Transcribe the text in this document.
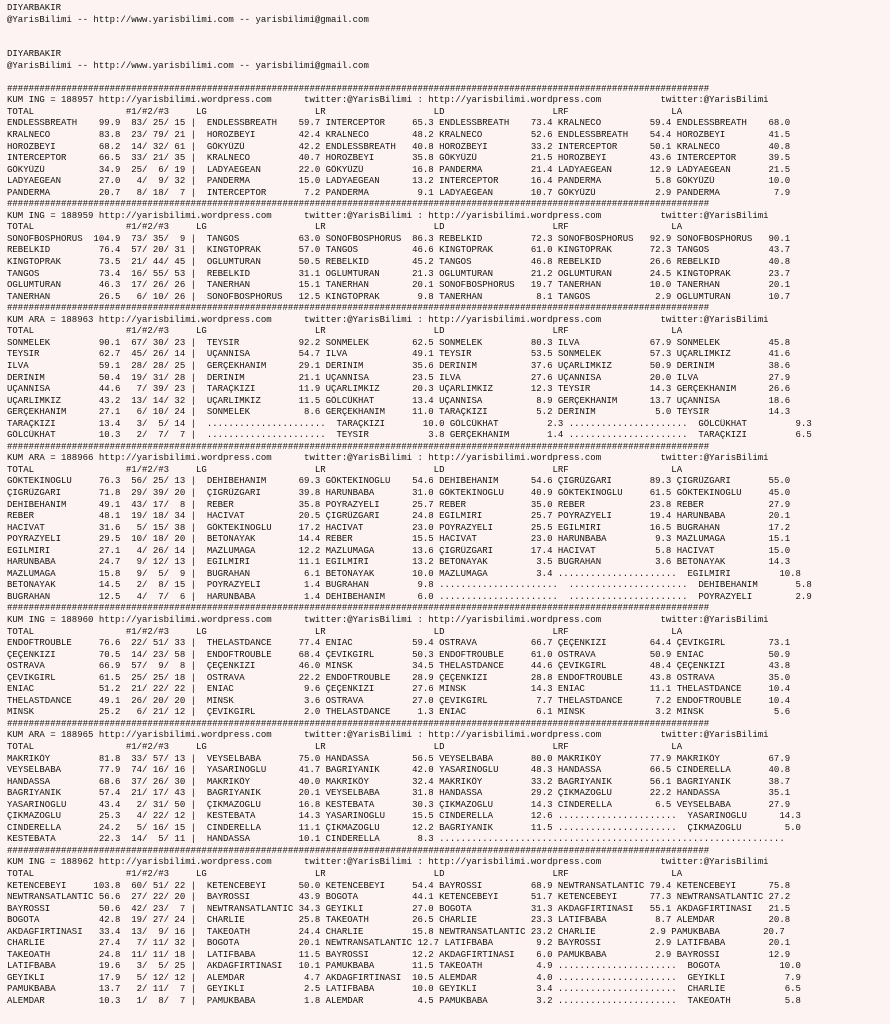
DIYARBAKIR
@YarisBilimi -- http://www.yarisbilimi.com -- yarisbilimi@gmail.com
DIYARBAKIR
@YarisBilimi -- http://www.yarisbilimi.com -- yarisbilimi@gmail.com
##################################################################################################################################
KUM ING = 188957 http://yarisbilimi.wordpress.com      twitter:@YarisBilimi : http://yarisbilimi.wordpress.com           twitter:@YarisBilimi
TOTAL                 #1/#2/#3     LG                    LR                    LD                    LRF                   LA
ENDLESSBREATH    99.9  83/ 25/ 15 |  ENDLESSBREATH    59.7 INTERCEPTOR     65.3 ENDLESSBREATH    73.4 KRALNECO         59.4 ENDLESSBREATH    68.0
KRALNECO         83.8  23/ 79/ 21 |  HOROZBEYI        42.4 KRALNECO        48.2 KRALNECO         52.6 ENDLESSBREATH    54.4 HOROZBEYI        41.5
HOROZBEYI        68.2  14/ 32/ 61 |  GÖKYÜZÜ          42.2 ENDLESSBREATH   40.8 HOROZBEYI        33.2 INTERCEPTOR      50.1 KRALNECO         40.8
INTERCEPTOR      66.5  33/ 21/ 35 |  KRALNECO         40.7 HOROZBEYI       35.8 GÖKYÜZÜ          21.5 HOROZBEYI        43.6 INTERCEPTOR      39.5
GÖKYÜZÜ          34.9  25/  6/ 19 |  LADYAEGEAN       22.0 GÖKYÜZÜ         16.8 PANDERMA         21.4 LADYAEGEAN       12.9 LADYAEGEAN       21.5
LADYAEGEAN       27.0   4/  9/ 32 |  PANDERMA         15.0 LADYAEGEAN      13.2 INTERCEPTOR      16.4 PANDERMA          5.8 GÖKYÜZÜ          10.0
PANDERMA         20.7   8/ 18/  7 |  INTERCEPTOR       7.2 PANDERMA         9.1 LADYAEGEAN       10.7 GÖKYÜZÜ           2.9 PANDERMA          7.9
##################################################################################################################################
KUM ING = 188959 http://yarisbilimi.wordpress.com      twitter:@YarisBilimi : http://yarisbilimi.wordpress.com           twitter:@YarisBilimi
TOTAL                 #1/#2/#3     LG                    LR                    LD                    LRF                   LA
SONOFBOSPHORUS  104.9  73/ 35/  9 |  TANGOS           63.0 SONOFBOSPHORUS  86.3 REBELKID         72.3 SONOFBOSPHORUS   92.9 SONOFBOSPHORUS   90.1
REBELKID         76.4  57/ 20/ 31 |  KINGTOPRAK       57.0 TANGOS          46.6 KINGTOPRAK       61.0 KINGTOPRAK       72.3 TANGOS           43.7
KINGTOPRAK       73.5  21/ 44/ 45 |  OGLUMTURAN       50.5 REBELKID        45.2 TANGOS           46.8 REBELKID         26.6 REBELKID         40.8
TANGOS           73.4  16/ 55/ 53 |  REBELKID         31.1 OGLUMTURAN      21.3 OGLUMTURAN       21.2 OGLUMTURAN       24.5 KINGTOPRAK       23.7
OGLUMTURAN       46.3  17/ 26/ 26 |  TANERHAN         15.1 TANERHAN        20.1 SONOFBOSPHORUS   19.7 TANERHAN         10.0 TANERHAN         20.1
TANERHAN         26.5   6/ 10/ 26 |  SONOFBOSPHORUS   12.5 KINGTOPRAK       9.8 TANERHAN          8.1 TANGOS            2.9 OGLUMTURAN       10.7
##################################################################################################################################
KUM ARA = 188963 http://yarisbilimi.wordpress.com      twitter:@YarisBilimi : http://yarisbilimi.wordpress.com           twitter:@YarisBilimi
TOTAL                 #1/#2/#3     LG                    LR                    LD                    LRF                   LA
SONMELEK         90.1  67/ 30/ 23 |  TEYSIR           92.2 SONMELEK        62.5 SONMELEK         80.3 ILVA             67.9 SONMELEK         45.8
TEYSIR           62.7  45/ 26/ 14 |  UÇANNISA         54.7 ILVA            49.1 TEYSIR           53.5 SONMELEK         57.3 UÇARLIMKIZ       41.6
ILVA             59.1  28/ 28/ 25 |  GERÇEKHANIM      29.1 DERINIM         35.6 DERINIM          37.6 UÇARLIMKIZ       50.9 DERINIM          38.6
DERINIM          50.4  19/ 31/ 28 |  DERINIM          21.1 UÇANNISA        23.5 ILVA             27.6 UÇANNISA         20.0 ILVA             27.9
UÇANNISA         44.6   7/ 39/ 23 |  TARAÇKIZI        11.9 UÇARLIMKIZ      20.3 UÇARLIMKIZ       12.3 TEYSIR           14.3 GERÇEKHANIM      26.6
UÇARLIMKIZ       43.2  13/ 14/ 32 |  UÇARLIMKIZ       11.5 GÖLCÜKHAT       13.4 UÇANNISA          8.9 GERÇEKHANIM      13.7 UÇANNISA         18.6
GERÇEKHANIM      27.1   6/ 10/ 24 |  SONMELEK          8.6 GERÇEKHANIM     11.0 TARAÇKIZI         5.2 DERINIM           5.0 TEYSIR           14.3
TARAÇKIZI        13.4   3/  5/ 14 |  ......................  TARAÇKIZI       10.0 GÖLCÜKHAT         2.3 ......................  GÖLCÜKHAT         9.3
GÖLCÜKHAT        10.3   2/  7/  7 |  ......................  TEYSIR           3.8 GERÇEKHANIM       1.4 ......................  TARAÇKIZI         6.5
##################################################################################################################################
KUM ARA = 188966 http://yarisbilimi.wordpress.com      twitter:@YarisBilimi : http://yarisbilimi.wordpress.com           twitter:@YarisBilimi
TOTAL                 #1/#2/#3     LG                    LR                    LD                    LRF                   LA
GÖKTEKINOGLU     76.3  56/ 25/ 13 |  DEHIBEHANIM      69.3 GÖKTEKINOGLU    54.6 DEHIBEHANIM      54.6 ÇIGRÜZGARI       89.3 ÇIGRÜZGARI       55.0
ÇIGRÜZGARI       71.8  29/ 39/ 20 |  ÇIGRÜZGARI       39.8 HARUNBABA       31.0 GÖKTEKINOGLU     40.9 GÖKTEKINOGLU     61.5 GÖKTEKINOGLU     45.0
DEHIBEHANIM      49.1  43/ 17/  8 |  REBER            35.8 POYRAZYELI      25.7 REBER            35.0 REBER            23.8 REBER            27.9
REBER            48.1  19/ 18/ 34 |  HACIVAT          20.5 ÇIGRÜZGARI      24.8 EGILMIRI         25.7 POYRAZYELI       19.4 HARUNBABA        20.1
HACIVAT          31.6   5/ 15/ 38 |  GÖKTEKINOGLU     17.2 HACIVAT         23.0 POYRAZYELI       25.5 EGILMIRI         16.5 BUGRAHAN         17.2
POYRAZYELI       29.5  10/ 18/ 20 |  BETONAYAK        14.4 REBER           15.5 HACIVAT          23.0 HARUNBABA         9.3 MAZLUMAGA        15.1
EGILMIRI         27.1   4/ 26/ 14 |  MAZLUMAGA        12.2 MAZLUMAGA       13.6 ÇIGRÜZGARI       17.4 HACIVAT           5.8 HACIVAT          15.0
HARUNBABA        24.7   9/ 12/ 13 |  EGILMIRI         11.1 EGILMIRI        13.2 BETONAYAK         3.5 BUGRAHAN          3.6 BETONAYAK        14.3
MAZLUMAGA        15.8   9/  5/  9 |  BUGRAHAN          6.1 BETONAYAK       10.0 MAZLUMAGA         3.4 ......................  EGILMIRI         10.8
BETONAYAK        14.5   2/  8/ 15 |  POYRAZYELI        1.4 BUGRAHAN         9.8 ......................  ......................  DEHIBEHANIM       5.8
BUGRAHAN         12.5   4/  7/  6 |  HARUNBABA         1.4 DEHIBEHANIM      6.0 ......................  ......................  POYRAZYELI        2.9
##################################################################################################################################
KUM ING = 188960 http://yarisbilimi.wordpress.com      twitter:@YarisBilimi : http://yarisbilimi.wordpress.com           twitter:@YarisBilimi
TOTAL                 #1/#2/#3     LG                    LR                    LD                    LRF                   LA
ENDOFTROUBLE     76.6  22/ 51/ 33 |  THELASTDANCE     77.4 ENIAC           59.4 OSTRAVA          66.7 ÇEÇENKIZI        64.4 ÇEVIKGIRL        73.1
ÇEÇENKIZI        70.5  14/ 23/ 58 |  ENDOFTROUBLE     68.4 ÇEVIKGIRL       50.3 ENDOFTROUBLE     61.0 OSTRAVA          50.9 ENIAC            50.9
OSTRAVA          66.9  57/  9/  8 |  ÇEÇENKIZI        46.0 MINSK           34.5 THELASTDANCE     44.6 ÇEVIKGIRL        48.4 ÇEÇENKIZI        43.8
ÇEVIKGIRL        61.5  25/ 25/ 18 |  OSTRAVA          22.2 ENDOFTROUBLE    28.9 ÇEÇENKIZI        28.8 ENDOFTROUBLE     43.8 OSTRAVA          35.0
ENIAC            51.2  21/ 22/ 22 |  ENIAC             9.6 ÇEÇENKIZI       27.6 MINSK            14.3 ENIAC            11.1 THELASTDANCE     10.4
THELASTDANCE     49.1  26/ 20/ 20 |  MINSK             3.6 OSTRAVA         27.0 ÇEVIKGIRL         7.7 THELASTDANCE      7.2 ENDOFTROUBLE     10.4
MINSK            25.2   6/ 21/ 12 |  ÇEVIKGIRL         2.0 THELASTDANCE     1.3 ENIAC             6.1 MINSK             3.2 MINSK             5.6
##################################################################################################################################
KUM ARA = 188965 http://yarisbilimi.wordpress.com      twitter:@YarisBilimi : http://yarisbilimi.wordpress.com           twitter:@YarisBilimi
TOTAL                 #1/#2/#3     LG                    LR                    LD                    LRF                   LA
MAKRIKÖY         81.8  33/ 57/ 13 |  VEYSELBABA       75.0 HANDASSA        56.5 VEYSELBABA       80.0 MAKRIKÖY         77.9 MAKRIKÖY         67.9
VEYSELBABA       77.9  74/ 16/ 16 |  YASARINOGLU      41.7 BAGRIYANIK      42.0 YASARINOGLU      48.3 HANDASSA         66.5 CINDERELLA       40.8
HANDASSA         68.6  37/ 26/ 30 |  MAKRIKÖY         40.0 MAKRIKÖY        32.4 MAKRIKÖY         33.2 BAGRIYANIK       56.1 BAGRIYANIK       38.7
BAGRIYANIK       57.4  21/ 17/ 43 |  BAGRIYANIK       20.1 VEYSELBABA      31.8 HANDASSA         29.2 ÇIKMAZOGLU       22.2 HANDASSA         35.1
YASARINOGLU      43.4   2/ 31/ 50 |  ÇIKMAZOGLU       16.8 KESTEBATA       30.3 ÇIKMAZOGLU       14.3 CINDERELLA        6.5 VEYSELBABA       27.9
ÇIKMAZOGLU       25.3   4/ 22/ 12 |  KESTEBATA        14.3 YASARINOGLU     15.5 CINDERELLA       12.6 ......................  YASARINOGLU      14.3
CINDERELLA       24.2   5/ 16/ 15 |  CINDERELLA       11.1 ÇIKMAZOGLU      12.2 BAGRIYANIK       11.5 ......................  ÇIKMAZOGLU        5.0
KESTEBATA        22.3  14/  5/ 11 |  HANDASSA         10.1 CINDERELLA       8.3 ................................................................
##################################################################################################################################
KUM ING = 188962 http://yarisbilimi.wordpress.com      twitter:@YarisBilimi : http://yarisbilimi.wordpress.com           twitter:@YarisBilimi
TOTAL                 #1/#2/#3     LG                    LR                    LD                    LRF                   LA
KETENCEBEYI     103.8  60/ 51/ 22 |  KETENCEBEYI      50.0 KETENCEBEYI     54.4 BAYROSSI         68.9 NEWTRANSATLANTIC 79.4 KETENCEBEYI      75.8
NEWTRANSATLANTIC 56.6  27/ 22/ 20 |  BAYROSSI         43.9 BOGOTA          44.1 KETENCEBEYI      51.7 KETENCEBEYI      77.3 NEWTRANSATLANTIC 27.2
BAYROSSI         50.6  42/ 23/  7 |  NEWTRANSATLANTIC 34.3 GEYIKLI         27.0 BOGOTA           31.3 AKDAGFIRTINASI   55.1 AKDAGFIRTINASI   21.5
BOGOTA           42.8  19/ 27/ 24 |  CHARLIE          25.8 TAKEOATH        26.5 CHARLIE          23.3 LATIFBABA         8.7 ALEMDAR          20.8
AKDAGFIRTINASI   33.4  13/  9/ 16 |  TAKEOATH         24.4 CHARLIE         15.8 NEWTRANSATLANTIC 23.2 CHARLIE          2.9 PAMUKBABA        20.7
CHARLIE          27.4   7/ 11/ 32 |  BOGOTA           20.1 NEWTRANSATLANTIC 12.7 LATIFBABA        9.2 BAYROSSI          2.9 LATIFBABA        20.1
TAKEOATH         24.8  11/ 11/ 18 |  LATIFBABA        11.5 BAYROSSI        12.2 AKDAGFIRTINASI    6.0 PAMUKBABA         2.9 BAYROSSI         12.9
LATIFBABA        19.6   3/  5/ 25 |  AKDAGFIRTINASI   10.1 PAMUKBABA       11.5 TAKEOATH          4.9 ......................  BOGOTA           10.0
GEYIKLI          17.9   5/ 12/ 12 |  ALEMDAR           4.7 AKDAGFIRTINASI  10.5 ALEMDAR           4.0 ......................  GEYIKLI           7.9
PAMUKBABA        13.7   2/ 11/  7 |  GEYIKLI           2.5 LATIFBABA       10.0 GEYIKLI           3.4 ......................  CHARLIE           6.5
ALEMDAR          10.3   1/  8/  7 |  PAMUKBABA         1.8 ALEMDAR          4.5 PAMUKBABA         3.2 ......................  TAKEOATH          5.8
